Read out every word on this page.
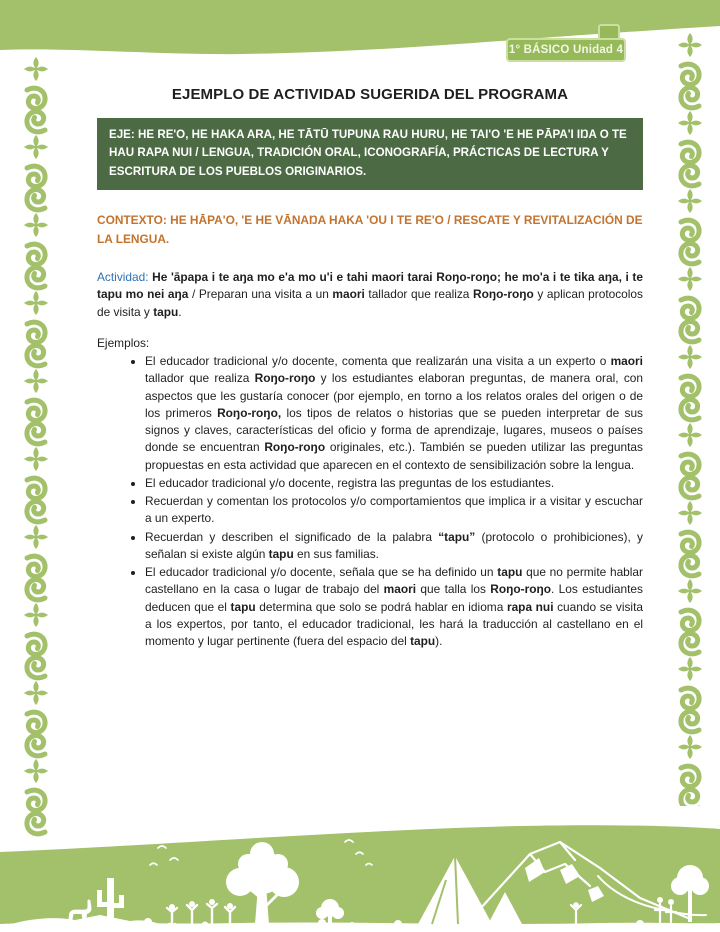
1° BÁSICO Unidad 4
EJEMPLO DE ACTIVIDAD SUGERIDA DEL PROGRAMA
EJE: HE RE'O, HE HAKA ARA, HE TĀTŪ TUPUNA RAU HURU, HE TAI'O 'E HE PĀPA'I IŊA O TE HAU RAPA NUI / LENGUA, TRADICIÓN ORAL, ICONOGRAFÍA, PRÁCTICAS DE LECTURA Y ESCRITURA DE LOS PUEBLOS ORIGINARIOS.
CONTEXTO: HE HĀPA'O, 'E HE VĀNAŊA HAKA 'OU I TE RE'O / RESCATE Y REVITALIZACIÓN DE LA LENGUA.

Actividad: He 'āpapa i te aŋa mo e'a mo u'i e tahi maori tarai Roŋo-roŋo; he mo'a i te tika aŋa, i te tapu mo nei aŋa / Preparan una visita a un maori tallador que realiza Roŋo-roŋo y aplican protocolos de visita y tapu.

Ejemplos:
• El educador tradicional y/o docente, comenta que realizarán una visita a un experto o maori tallador que realiza Roŋo-roŋo y los estudiantes elaboran preguntas, de manera oral, con aspectos que les gustaría conocer (por ejemplo, en torno a los relatos orales del origen o de los primeros Roŋo-roŋo, los tipos de relatos o historias que se pueden interpretar de sus signos y claves, características del oficio y forma de aprendizaje, lugares, museos o países donde se encuentran Roŋo-roŋo originales, etc.). También se pueden utilizar las preguntas propuestas en esta actividad que aparecen en el contexto de sensibilización sobre la lengua.
• El educador tradicional y/o docente, registra las preguntas de los estudiantes.
• Recuerdan y comentan los protocolos y/o comportamientos que implica ir a visitar y escuchar a un experto.
• Recuerdan y describen el significado de la palabra “tapu” (protocolo o prohibiciones), y señalan si existe algún tapu en sus familias.
• El educador tradicional y/o docente, señala que se ha definido un tapu que no permite hablar castellano en la casa o lugar de trabajo del maori que talla los Roŋo-roŋo. Los estudiantes deducen que el tapu determina que solo se podrá hablar en idioma rapa nui cuando se visita a los expertos, por tanto, el educador tradicional, les hará la traducción al castellano en el momento y lugar pertinente (fuera del espacio del tapu).
